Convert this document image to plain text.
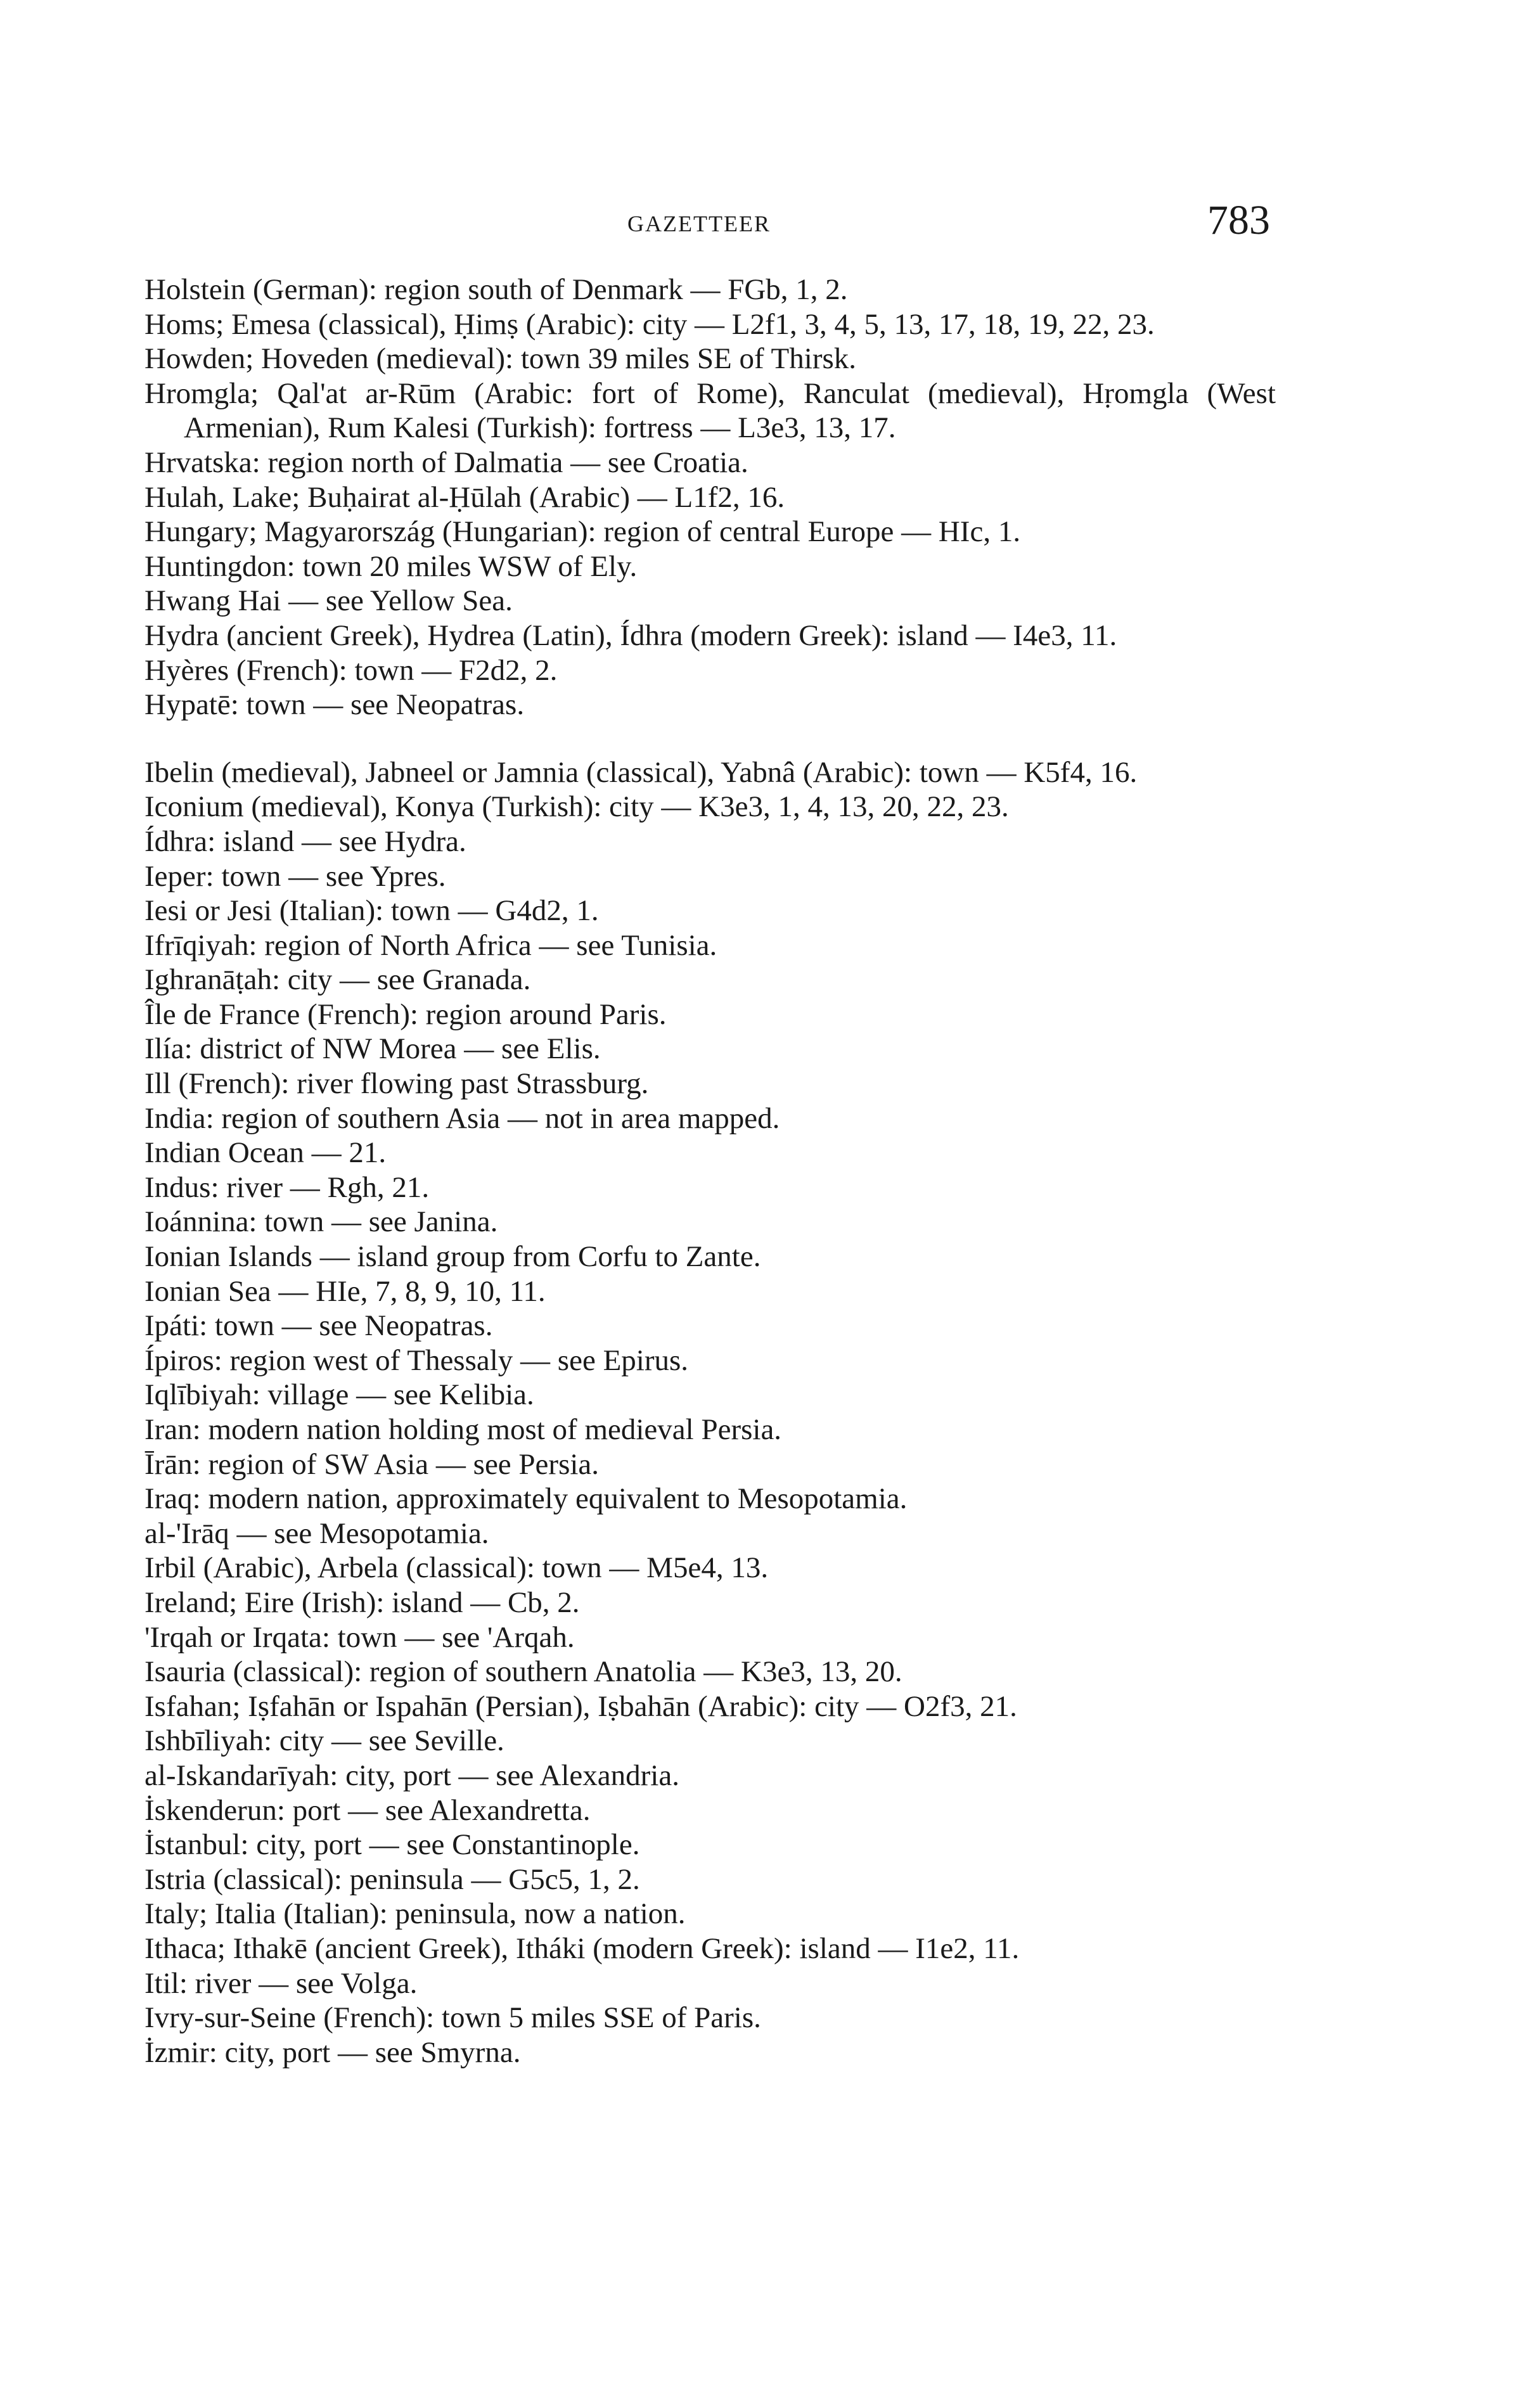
GAZETTEER	783

Holstein (German): region south of Denmark — FGb, 1, 2.

Homs; Emesa (classical), Ḥimṣ (Arabic): city — L2f1, 3, 4, 5, 13, 17, 18, 19, 22, 23.

Howden; Hoveden (medieval): town 39 miles SE of Thirsk.

Hromgla; Qal'at ar-Rūm (Arabic: fort of Rome), Ranculat (medieval), Hṛomgla (West Armenian), Rum Kalesi (Turkish): fortress — L3e3, 13, 17.

Hrvatska: region north of Dalmatia — see Croatia.

Hulah, Lake; Buḥairat al-Ḥūlah (Arabic) — L1f2, 16.

Hungary; Magyarország (Hungarian): region of central Europe — HIc, 1.

Huntingdon: town 20 miles WSW of Ely.

Hwang Hai — see Yellow Sea.

Hydra (ancient Greek), Hydrea (Latin), Ídhra (modern Greek): island — I4e3, 11.

Hyères (French): town — F2d2, 2.

Hypatē: town — see Neopatras.

Ibelin (medieval), Jabneel or Jamnia (classical), Yabnâ (Arabic): town — K5f4, 16.

Iconium (medieval), Konya (Turkish): city — K3e3, 1, 4, 13, 20, 22, 23.

Ídhra: island — see Hydra.

Ieper: town — see Ypres.

Iesi or Jesi (Italian): town — G4d2, 1.

Ifrīqiyah: region of North Africa — see Tunisia.

Ighranāṭah: city — see Granada.

Île de France (French): region around Paris.

Ilía: district of NW Morea — see Elis.

Ill (French): river flowing past Strassburg.

India: region of southern Asia — not in area mapped.

Indian Ocean — 21.

Indus: river — Rgh, 21.

Ioánnina: town — see Janina.

Ionian Islands — island group from Corfu to Zante.

Ionian Sea — HIe, 7, 8, 9, 10, 11.

Ipáti: town — see Neopatras.

Ípiros: region west of Thessaly — see Epirus.

Iqlībiyah: village — see Kelibia.

Iran: modern nation holding most of medieval Persia.

Īrān: region of SW Asia — see Persia.

Iraq: modern nation, approximately equivalent to Mesopotamia.

al-'Irāq — see Mesopotamia.

Irbil (Arabic), Arbela (classical): town — M5e4, 13.

Ireland; Eire (Irish): island — Cb, 2.

'Irqah or Irqata: town — see 'Arqah.

Isauria (classical): region of southern Anatolia — K3e3, 13, 20.

Isfahan; Iṣfahān or Ispahān (Persian), Iṣbahān (Arabic): city — O2f3, 21.

Ishbīliyah: city — see Seville.

al-Iskandarīyah: city, port — see Alexandria.

İskenderun: port — see Alexandretta.

İstanbul: city, port — see Constantinople.

Istria (classical): peninsula — G5c5, 1, 2.

Italy; Italia (Italian): peninsula, now a nation.

Ithaca; Ithakē (ancient Greek), Itháki (modern Greek): island — I1e2, 11.

Itil: river — see Volga.

Ivry-sur-Seine (French): town 5 miles SSE of Paris.

İzmir: city, port — see Smyrna.
